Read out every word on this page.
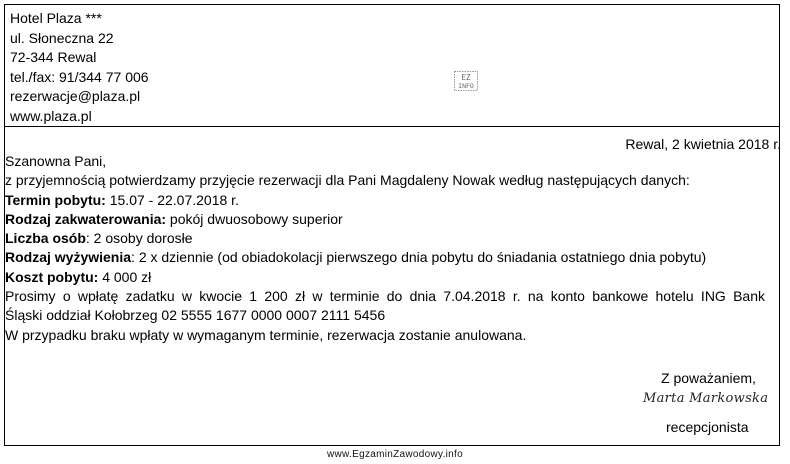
Hotel Plaza ***
ul. Słoneczna 22
72-344 Rewal
tel./fax: 91/344 77 006
rezerwacje@plaza.pl
www.plaza.pl
EZ
INFO
Rewal, 2 kwietnia 2018 r.
Szanowna Pani,
z przyjemnością potwierdzamy przyjęcie rezerwacji dla Pani Magdaleny Nowak według następujących danych:
Termin pobytu: 15.07 - 22.07.2018 r.
Rodzaj zakwaterowania: pokój dwuosobowy superior
Liczba osób: 2 osoby dorosłe
Rodzaj wyżywienia: 2 x dziennie (od obiadokolacji pierwszego dnia pobytu do śniadania ostatniego dnia pobytu)
Koszt pobytu: 4 000 zł
Prosimy o wpłatę zadatku w kwocie 1 200 zł w terminie do dnia 7.04.2018 r. na konto bankowe hotelu ING Bank
Śląski oddział Kołobrzeg 02 5555 1677 0000 0007 2111 5456
W przypadku braku wpłaty w wymaganym terminie, rezerwacja zostanie anulowana.
Z poważaniem,
Marta Markowska
recepcjonista
www.EgzaminZawodowy.info
